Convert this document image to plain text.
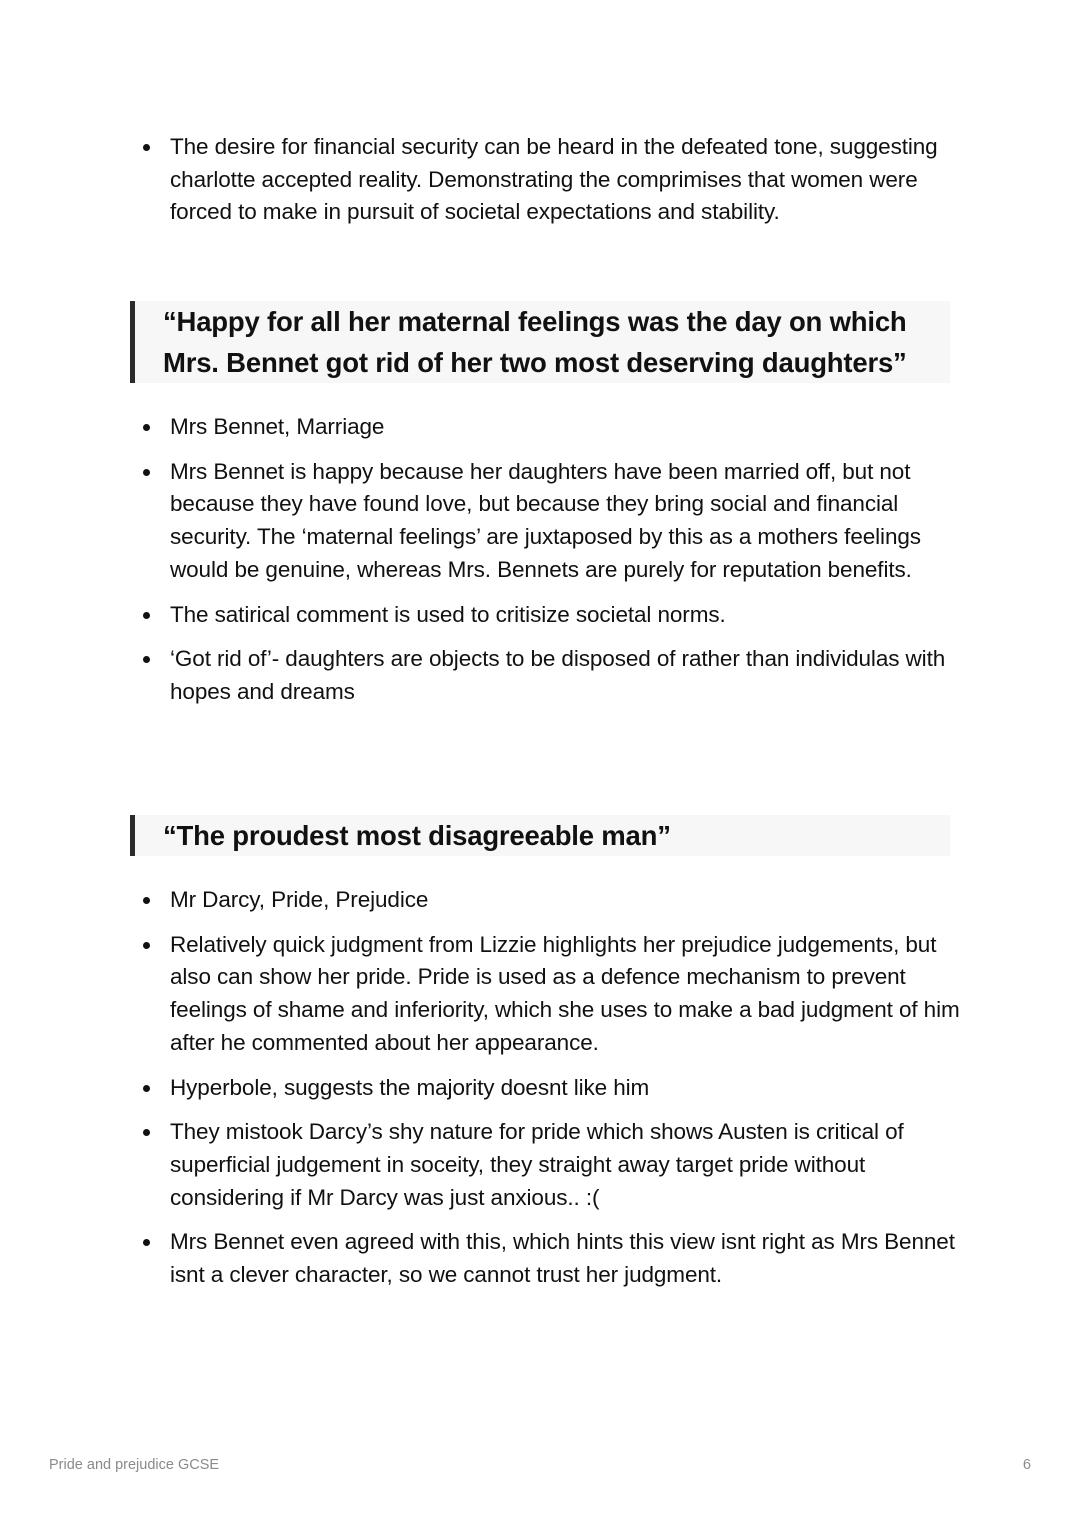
The desire for financial security can be heard in the defeated tone, suggesting charlotte accepted reality. Demonstrating the comprimises that women were forced to make in pursuit of societal expectations and stability.
“Happy for all her maternal feelings was the day on which Mrs. Bennet got rid of her two most deserving daughters”
Mrs Bennet, Marriage
Mrs Bennet is happy because her daughters have been married off, but not because they have found love, but because they bring social and financial security. The ‘maternal feelings’ are juxtaposed by this as a mothers feelings would be genuine, whereas Mrs. Bennets are purely for reputation benefits.
The satirical comment is used to critisize societal norms.
‘Got rid of’- daughters are objects to be disposed of rather than individulas with hopes and dreams
“The proudest most disagreeable man”
Mr Darcy, Pride, Prejudice
Relatively quick judgment from Lizzie highlights her prejudice judgements, but also can show her pride. Pride is used as a defence mechanism to prevent feelings of shame and inferiority, which she uses to make a bad judgment of him after he commented about her appearance.
Hyperbole, suggests the majority doesnt like him
They mistook Darcy’s shy nature for pride which shows Austen is critical of superficial judgement in soceity, they straight away target pride without considering if Mr Darcy was just anxious.. :(
Mrs Bennet even agreed with this, which hints this view isnt right as Mrs Bennet isnt a clever character, so we cannot trust her judgment.
Pride and prejudice GCSE	6
